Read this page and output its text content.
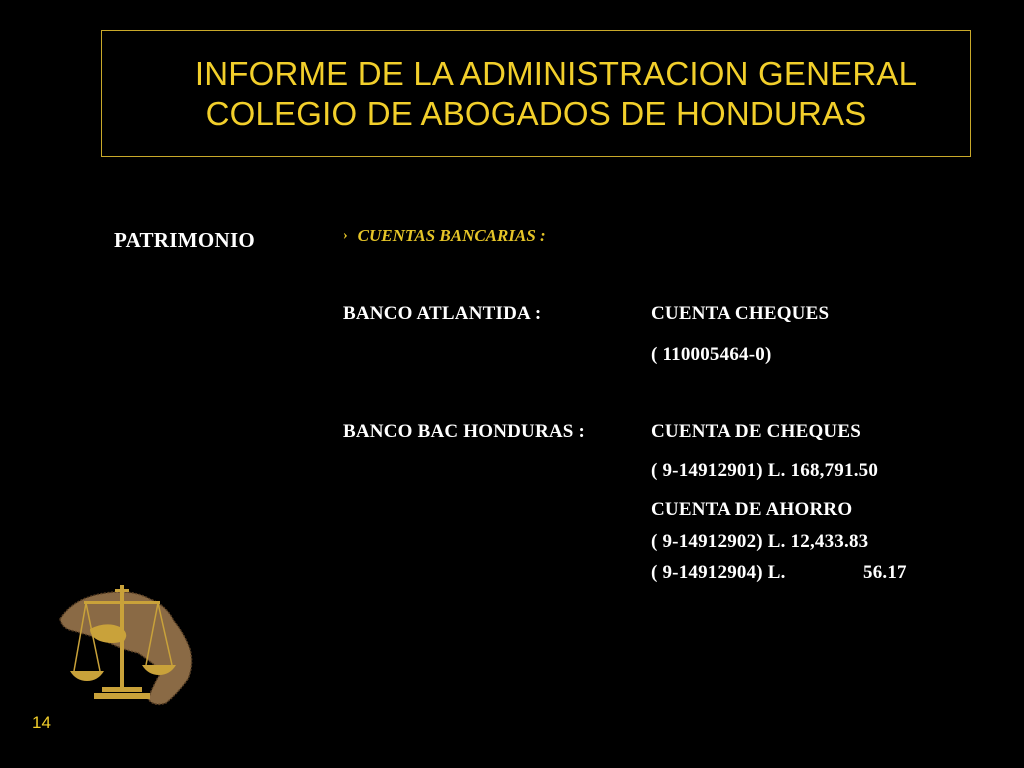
INFORME DE LA ADMINISTRACION GENERAL
COLEGIO DE ABOGADOS DE HONDURAS
PATRIMONIO	› CUENTAS BANCARIAS :
BANCO ATLANTIDA :	CUENTA CHEQUES
( 110005464-0)
BANCO BAC HONDURAS :	CUENTA DE CHEQUES
( 9-14912901) L. 168,791.50
CUENTA DE AHORRO
( 9-14912902) L. 12,433.83
( 9-14912904) L.	56.17
14
